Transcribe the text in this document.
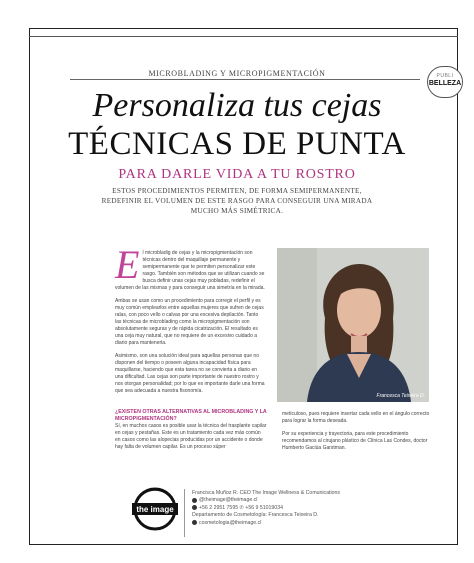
MICROBLADING Y MICROPIGMENTACIÓN	PUBLI
BELLEZA
Personaliza tus cejas
TÉCNICAS DE PUNTA
PARA DARLE VIDA A TU ROSTRO
ESTOS PROCEDIMIENTOS PERMITEN, DE FORMA SEMIPERMANENTE, REDEFINIR EL VOLUMEN DE ESTE RASGO PARA CONSEGUIR UNA MIRADA MUCHO MÁS SIMÉTRICA.

El microbladig de cejas y la micropigmentación son técnicas dentro del maquillaje permanente y semipermanente que te permiten personalizar este rasgo. También son métodos que se utilizan cuando se busca definir unas cejas muy pobladas, redefinir el volumen de las mismas y para conseguir una simetría en la mirada.

Ambas se usan como un procedimiento para corregir el perfil y es muy común emplearlos entre aquellas mujeres que sufren de cejas ralas, con poco vello o calvas por una excesiva depilación. Tanto las técnicas de microblading como la micropigmentación son absolutamente seguras y de rápida cicatrización. El resultado es una ceja muy natural, que no requiere de un excesivo cuidado a diario para mantenerla.

Asimismo, son una solución ideal para aquellas personas que no disponen del tiempo o poseen alguna incapacidad física para maquillarse, haciendo que esta tarea no se convierta a diario en una dificultad. Las cejas son parte importante de nuestro rostro y nos otorgan personalidad; por lo que es importante darle una forma que sea adecuada a nuestra fisonomía.

¿EXISTEN OTRAS ALTERNATIVAS AL MICROBLADING Y LA MICROPIGMENTACIÓN?

Sí, en muchos casos es posible usar la técnica del trasplante capilar en cejas y pestañas. Este es un tratamiento cada vez más común en casos como las alopecias producidas por un accidente o donde hay falta de volumen capilar. Es un proceso súper

meticuloso, pues requiere insertar cada vello en el ángulo correcto para lograr la forma deseada.

Por su experiencia y trayectoria, para este procedimiento recomendamos al cirujano plástico de Clínica Las Condes, doctor Humberto Gaciúa Garstman.

Francesca Teixeira D.
the image
Francisca Muñoz R. CEO The Image Wellness & Comunications
@theimage@theimage.cl
+56 2 2951 7595 ✆ +56 9 51019034
Departamento de Cosmetología: Francesca Teixeira D.
cosmetologia@theimage.cl
